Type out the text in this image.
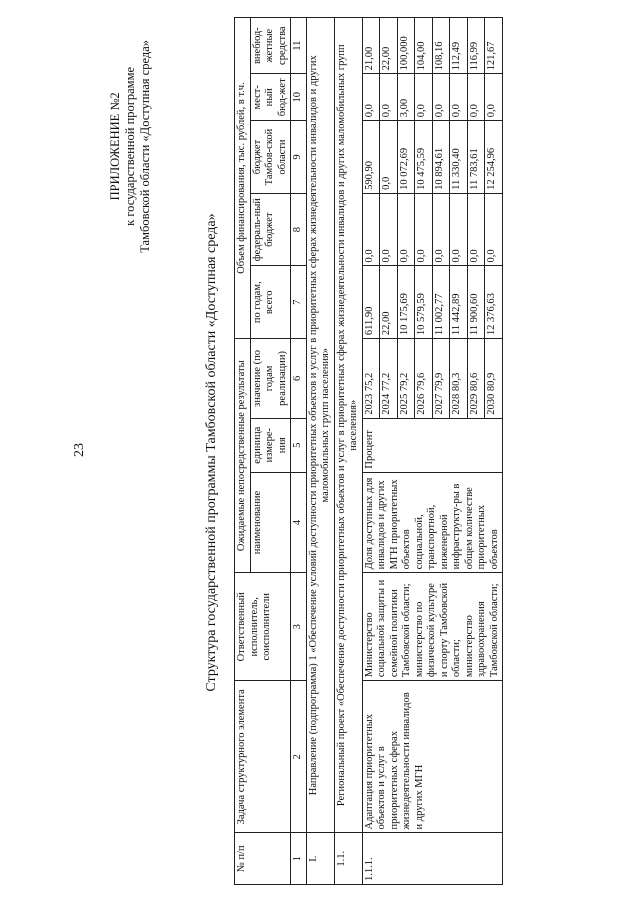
23
ПРИЛОЖЕНИЕ №2 к государственной программе Тамбовской области «Доступная среда»
Структура государственной программы Тамбовской области «Доступная среда»
№ п/п	Задача структурного элемента	Ответственный исполнитель, соисполнители	Ожидаемые непосредственные результаты			Объем финансирования, тыс. рублей, в т.ч.				
			наименование	единица измере-ния	значение (по годам реализации)	по годам, всего	федераль-ный бюджет	бюджет Тамбов-ской области	мест-ный бюд-жет	внебюд-жетные средства
1	2	3	4	5	6	7	8	9	10	11
I.	Направление (подпрограмма) 1 «Обеспечение условий доступности приоритетных объектов и услуг в приоритетных сферах жизнедеятельности инвалидов и других маломобильных групп населения»									
1.1.	Региональный проект «Обеспечение доступности приоритетных объектов и услуг в приоритетных сферах жизнедеятельности инвалидов и других маломобильных групп населения»									
1.1.1.	Адаптация приоритетных объектов и услуг в приоритетных сферах жизнедеятельности инвалидов и других МГН	Министерство социальной защиты и семейной политики Тамбовской области; министерство по физической культуре и спорту Тамбовской области; министерство здравоохранения Тамбовской области;	Доля доступных для инвалидов и других МГН приоритетных объектов социальной, транспортной, инженерной инфраструкту-ры в общем количестве приоритетных объектов	Процент	2023 75,2	611,90	0,0	590,90	0,0	21,00
					2024 77,2	22,00	0,0	0,0	0,0	22,00
					2025 79,2	10 175,69	0,0	10 072,69	3,00	100,000
					2026 79,6	10 579,59	0,0	10 475,59	0,0	104,00
					2027 79,9	11 002,77	0,0	10 894,61	0,0	108,16
					2028 80,3	11 442,89	0,0	11 330,40	0,0	112,49
					2029 80,6	11 900,60	0,0	11 783,61	0,0	116,99
					2030 80,9	12 376,63	0,0	12 254,96	0,0	121,67
